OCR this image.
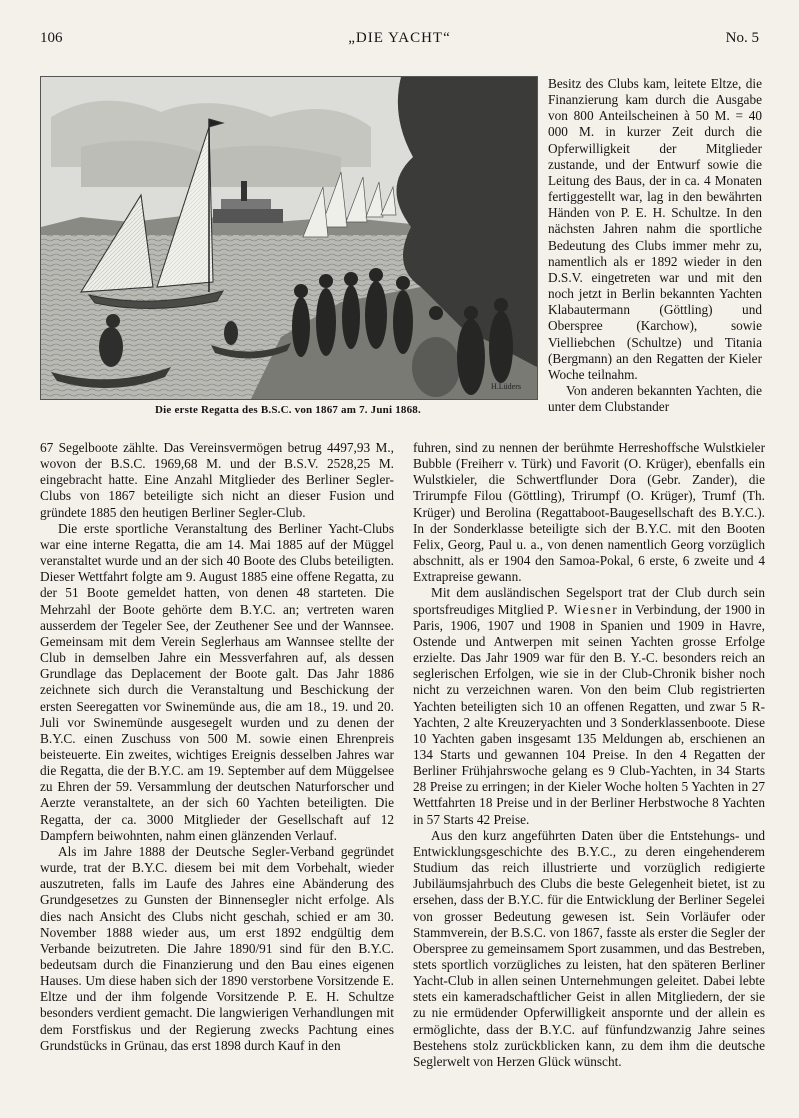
106	„DIE YACHT“	No. 5
H.Lüders
Die erste Regatta des B.S.C. von 1867 am 7. Juni 1868.

Besitz des Clubs kam, leitete Eltze, die Finanzierung kam durch die Ausgabe von 800 Anteilscheinen à 50 M. = 40 000 M. in kurzer Zeit durch die Opferwilligkeit der Mitglieder zustande, und der Entwurf sowie die Leitung des Baus, der in ca. 4 Monaten fertiggestellt war, lag in den bewährten Händen von P. E. H. Schultze. In den nächsten Jahren nahm die sportliche Bedeutung des Clubs immer mehr zu, namentlich als er 1892 wieder in den D.S.V. eingetreten war und mit den noch jetzt in Berlin bekannten Yachten Klabautermann (Göttling) und Oberspree (Karchow), sowie Vielliebchen (Schultze) und Titania (Bergmann) an den Regatten der Kieler Woche teilnahm.

Von anderen bekannten Yachten, die unter dem Clubstander

67 Segelboote zählte. Das Vereinsvermögen betrug 4497,93 M., wovon der B.S.C. 1969,68 M. und der B.S.V. 2528,25 M. eingebracht hatte. Eine Anzahl Mitglieder des Berliner Segler-Clubs von 1867 beteiligte sich nicht an dieser Fusion und gründete 1885 den heutigen Berliner Segler-Club.

Die erste sportliche Veranstaltung des Berliner Yacht-Clubs war eine interne Regatta, die am 14. Mai 1885 auf der Müggel veranstaltet wurde und an der sich 40 Boote des Clubs beteiligten. Dieser Wettfahrt folgte am 9. August 1885 eine offene Regatta, zu der 51 Boote gemeldet hatten, von denen 48 starteten. Die Mehrzahl der Boote gehörte dem B.Y.C. an; vertreten waren ausserdem der Tegeler See, der Zeuthener See und der Wannsee. Gemeinsam mit dem Verein Seglerhaus am Wannsee stellte der Club in demselben Jahre ein Messverfahren auf, als dessen Grundlage das Deplacement der Boote galt. Das Jahr 1886 zeichnete sich durch die Veranstaltung und Beschickung der ersten Seeregatten vor Swinemünde aus, die am 18., 19. und 20. Juli vor Swinemünde ausgesegelt wurden und zu denen der B.Y.C. einen Zuschuss von 500 M. sowie einen Ehrenpreis beisteuerte. Ein zweites, wichtiges Ereignis desselben Jahres war die Regatta, die der B.Y.C. am 19. September auf dem Müggelsee zu Ehren der 59. Versammlung der deutschen Naturforscher und Aerzte veranstaltete, an der sich 60 Yachten beteiligten. Die Regatta, der ca. 3000 Mitglieder der Gesellschaft auf 12 Dampfern beiwohnten, nahm einen glänzenden Verlauf.

Als im Jahre 1888 der Deutsche Segler-Verband gegründet wurde, trat der B.Y.C. diesem bei mit dem Vorbehalt, wieder auszutreten, falls im Laufe des Jahres eine Abänderung des Grundgesetzes zu Gunsten der Binnensegler nicht erfolge. Als dies nach Ansicht des Clubs nicht geschah, schied er am 30. November 1888 wieder aus, um erst 1892 endgültig dem Verbande beizutreten. Die Jahre 1890/91 sind für den B.Y.C. bedeutsam durch die Finanzierung und den Bau eines eigenen Hauses. Um diese haben sich der 1890 verstorbene Vorsitzende E. Eltze und der ihm folgende Vorsitzende P. E. H. Schultze besonders verdient gemacht. Die langwierigen Verhandlungen mit dem Forstfiskus und der Regierung zwecks Pachtung eines Grundstücks in Grünau, das erst 1898 durch Kauf in den

fuhren, sind zu nennen der berühmte Herreshoffsche Wulstkieler Bubble (Freiherr v. Türk) und Favorit (O. Krüger), ebenfalls ein Wulstkieler, die Schwertflunder Dora (Gebr. Zander), die Trirumpfe Filou (Göttling), Trirumpf (O. Krüger), Trumf (Th. Krüger) und Berolina (Regattaboot-Baugesellschaft des B.Y.C.). In der Sonderklasse beteiligte sich der B.Y.C. mit den Booten Felix, Georg, Paul u. a., von denen namentlich Georg vorzüglich abschnitt, als er 1904 den Samoa-Pokal, 6 erste, 6 zweite und 4 Extrapreise gewann.

Mit dem ausländischen Segelsport trat der Club durch sein sportsfreudiges Mitglied P. Wiesner in Verbindung, der 1900 in Paris, 1906, 1907 und 1908 in Spanien und 1909 in Havre, Ostende und Antwerpen mit seinen Yachten grosse Erfolge erzielte. Das Jahr 1909 war für den B. Y.-C. besonders reich an seglerischen Erfolgen, wie sie in der Club-Chronik bisher noch nicht zu verzeichnen waren. Von den beim Club registrierten Yachten beteiligten sich 10 an offenen Regatten, und zwar 5 R-Yachten, 2 alte Kreuzeryachten und 3 Sonderklassenboote. Diese 10 Yachten gaben insgesamt 135 Meldungen ab, erschienen an 134 Starts und gewannen 104 Preise. In den 4 Regatten der Berliner Frühjahrswoche gelang es 9 Club-Yachten, in 34 Starts 28 Preise zu erringen; in der Kieler Woche holten 5 Yachten in 27 Wettfahrten 18 Preise und in der Berliner Herbstwoche 8 Yachten in 57 Starts 42 Preise.

Aus den kurz angeführten Daten über die Entstehungs- und Entwicklungsgeschichte des B.Y.C., zu deren eingehenderem Studium das reich illustrierte und vorzüglich redigierte Jubiläumsjahrbuch des Clubs die beste Gelegenheit bietet, ist zu ersehen, dass der B.Y.C. für die Entwicklung der Berliner Segelei von grosser Bedeutung gewesen ist. Sein Vorläufer oder Stammverein, der B.S.C. von 1867, fasste als erster die Segler der Oberspree zu gemeinsamem Sport zusammen, und das Bestreben, stets sportlich vorzügliches zu leisten, hat den späteren Berliner Yacht-Club in allen seinen Unternehmungen geleitet. Dabei lebte stets ein kameradschaftlicher Geist in allen Mitgliedern, der sie zu nie ermüdender Opferwilligkeit anspornte und der allein es ermöglichte, dass der B.Y.C. auf fünfundzwanzig Jahre seines Bestehens stolz zurückblicken kann, zu dem ihm die deutsche Seglerwelt von Herzen Glück wünscht.
